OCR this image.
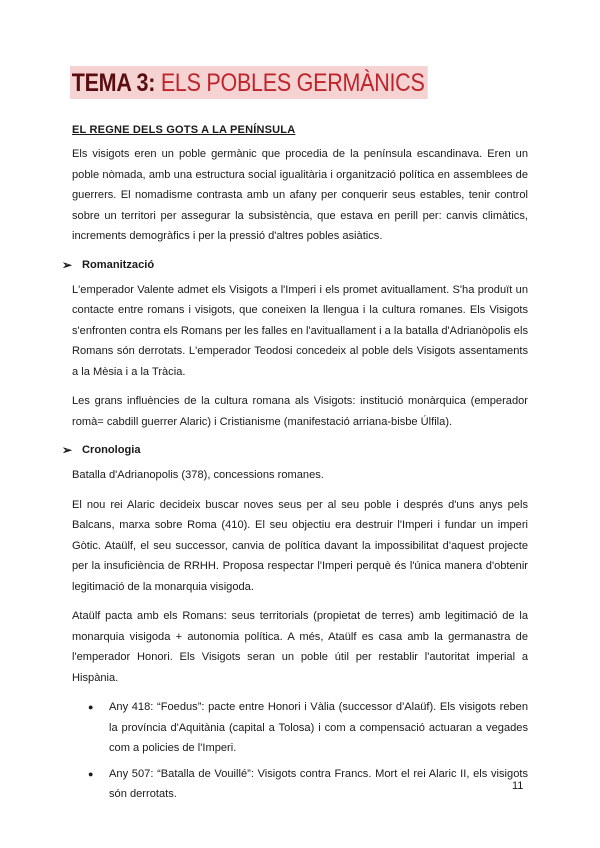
TEMA 3: ELS POBLES GERMÀNICS
EL REGNE DELS GOTS A LA PENÍNSULA

Els visigots eren un poble germànic que procedia de la península escandinava. Eren un poble nòmada, amb una estructura social igualitària i organització política en assemblees de guerrers. El nomadisme contrasta amb un afany per conquerir seus estables, tenir control sobre un territori per assegurar la subsistència, que estava en perill per: canvis climàtics, increments demogràfics i per la pressió d'altres pobles asiàtics.

➢ Romanització

L'emperador Valente admet els Visigots a l'Imperi i els promet avituallament. S'ha produït un contacte entre romans i visigots, que coneixen la llengua i la cultura romanes. Els Visigots s'enfronten contra els Romans per les falles en l'avituallament i a la batalla d'Adrianòpolis els Romans són derrotats. L'emperador Teodosi concedeix al poble dels Visigots assentaments a la Mèsia i a la Tràcia.

Les grans influències de la cultura romana als Visigots: institució monàrquica (emperador romà= cabdill guerrer Alaric) i Cristianisme (manifestació arriana-bisbe Úlfila).

➢ Cronologia

Batalla d'Adrianopolis (378), concessions romanes.

El nou rei Alaric decideix buscar noves seus per al seu poble i després d'uns anys pels Balcans, marxa sobre Roma (410). El seu objectiu era destruir l'Imperi i fundar un imperi Gòtic. Ataülf, el seu successor, canvia de política davant la impossibilitat d'aquest projecte per la insuficiència de RRHH. Proposa respectar l'Imperi perquè és l'única manera d'obtenir legitimació de la monarquia visigoda.

Ataülf pacta amb els Romans: seus territorials (propietat de terres) amb legitimació de la monarquia visigoda + autonomia política. A més, Ataülf es casa amb la germanastra de l'emperador Honori. Els Visigots seran un poble útil per restablir l'autoritat imperial a Hispània.

● Any 418: “Foedus”: pacte entre Honori i Vàlia (successor d'Alaüf). Els visigots reben la província d'Aquitània (capital a Tolosa) i com a compensació actuaran a vegades com a policies de l'Imperi.
● Any 507: “Batalla de Vouillé”: Visigots contra Francs. Mort el rei Alaric II, els visigots són derrotats.
11
